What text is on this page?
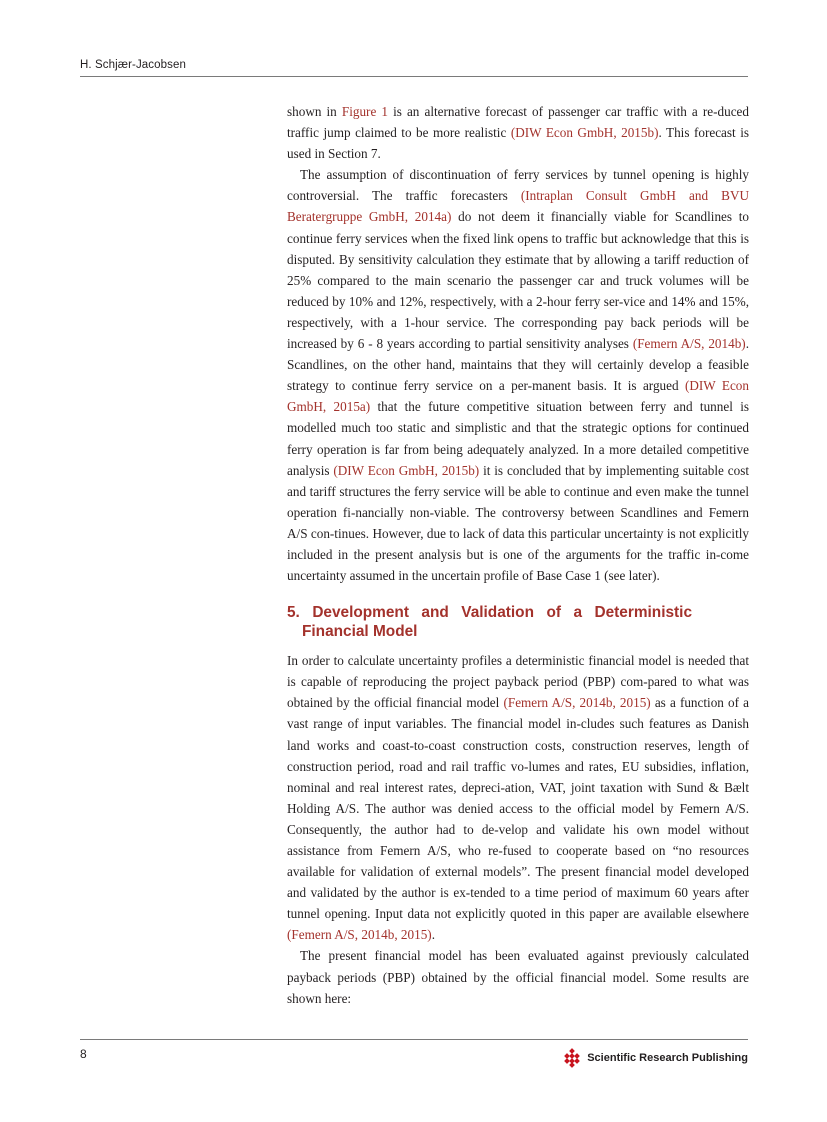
H. Schjær-Jacobsen

shown in Figure 1 is an alternative forecast of passenger car traffic with a re-duced traffic jump claimed to be more realistic (DIW Econ GmbH, 2015b). This forecast is used in Section 7.

The assumption of discontinuation of ferry services by tunnel opening is highly controversial. The traffic forecasters (Intraplan Consult GmbH and BVU Beratergruppe GmbH, 2014a) do not deem it financially viable for Scandlines to continue ferry services when the fixed link opens to traffic but acknowledge that this is disputed. By sensitivity calculation they estimate that by allowing a tariff reduction of 25% compared to the main scenario the passenger car and truck volumes will be reduced by 10% and 12%, respectively, with a 2-hour ferry ser-vice and 14% and 15%, respectively, with a 1-hour service. The corresponding pay back periods will be increased by 6 - 8 years according to partial sensitivity analyses (Femern A/S, 2014b). Scandlines, on the other hand, maintains that they will certainly develop a feasible strategy to continue ferry service on a per-manent basis. It is argued (DIW Econ GmbH, 2015a) that the future competitive situation between ferry and tunnel is modelled much too static and simplistic and that the strategic options for continued ferry operation is far from being adequately analyzed. In a more detailed competitive analysis (DIW Econ GmbH, 2015b) it is concluded that by implementing suitable cost and tariff structures the ferry service will be able to continue and even make the tunnel operation fi-nancially non-viable. The controversy between Scandlines and Femern A/S con-tinues. However, due to lack of data this particular uncertainty is not explicitly included in the present analysis but is one of the arguments for the traffic in-come uncertainty assumed in the uncertain profile of Base Case 1 (see later).

5. Development and Validation of a Deterministic Financial Model

In order to calculate uncertainty profiles a deterministic financial model is needed that is capable of reproducing the project payback period (PBP) com-pared to what was obtained by the official financial model (Femern A/S, 2014b, 2015) as a function of a vast range of input variables. The financial model in-cludes such features as Danish land works and coast-to-coast construction costs, construction reserves, length of construction period, road and rail traffic vo-lumes and rates, EU subsidies, inflation, nominal and real interest rates, depreci-ation, VAT, joint taxation with Sund & Bælt Holding A/S. The author was denied access to the official model by Femern A/S. Consequently, the author had to de-velop and validate his own model without assistance from Femern A/S, who re-fused to cooperate based on “no resources available for validation of external models”. The present financial model developed and validated by the author is ex-tended to a time period of maximum 60 years after tunnel opening. Input data not explicitly quoted in this paper are available elsewhere (Femern A/S, 2014b, 2015).

The present financial model has been evaluated against previously calculated payback periods (PBP) obtained by the official financial model. Some results are shown here:

8	Scientific Research Publishing
